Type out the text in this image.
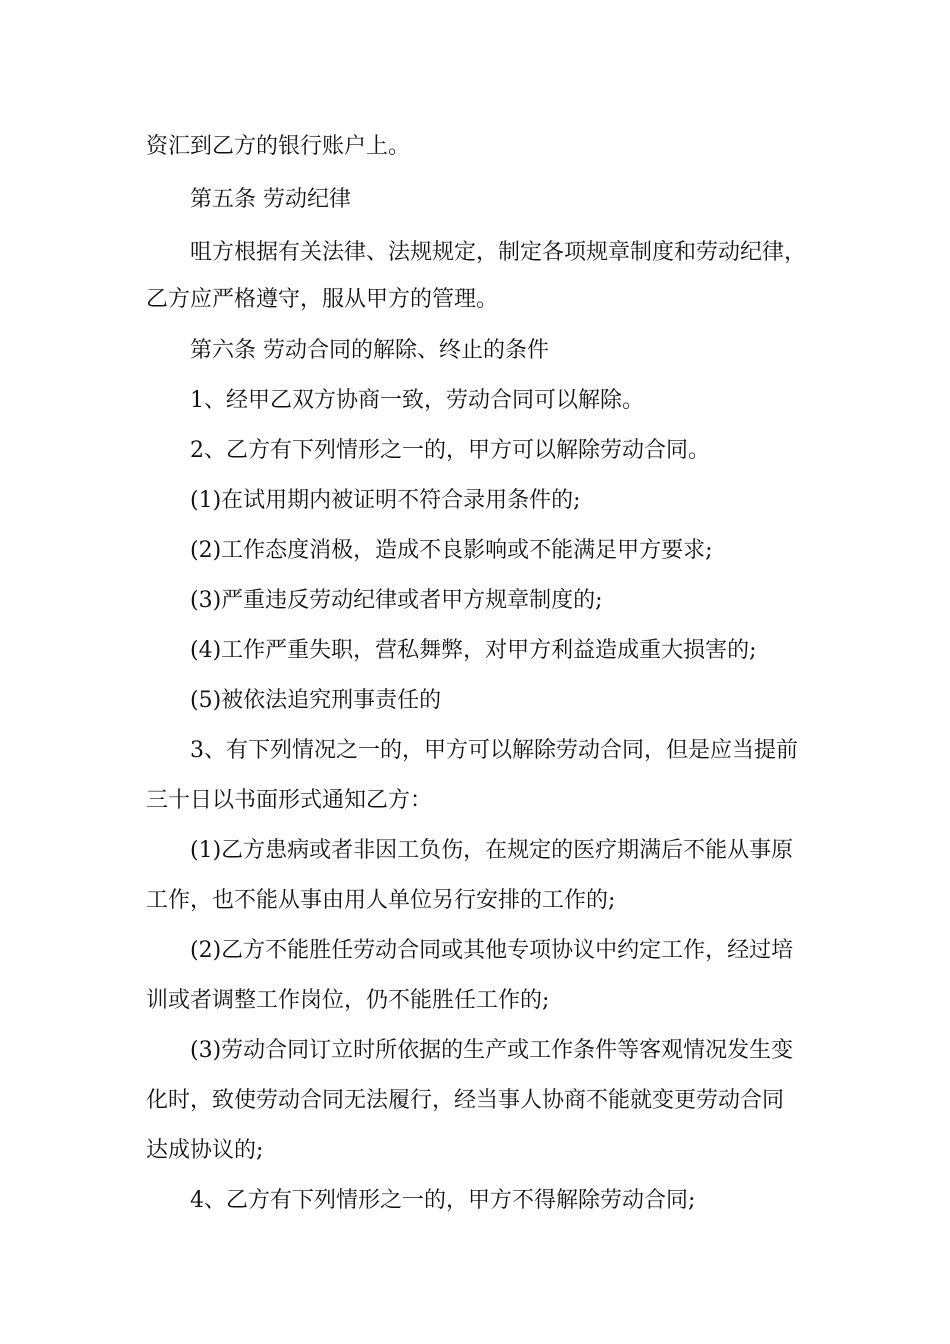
资汇到乙方的银行账户上。
第五条 劳动纪律
咀方根据有关法律、法规规定，制定各项规章制度和劳动纪律，
乙方应严格遵守，服从甲方的管理。
第六条 劳动合同的解除、终止的条件
1、经甲乙双方协商一致，劳动合同可以解除。
2、乙方有下列情形之一的，甲方可以解除劳动合同。
(1)在试用期内被证明不符合录用条件的;
(2)工作态度消极，造成不良影响或不能满足甲方要求;
(3)严重违反劳动纪律或者甲方规章制度的;
(4)工作严重失职，营私舞弊，对甲方利益造成重大损害的;
(5)被依法追究刑事责任的
3、有下列情况之一的，甲方可以解除劳动合同，但是应当提前
三十日以书面形式通知乙方：
(1)乙方患病或者非因工负伤，在规定的医疗期满后不能从事原
工作，也不能从事由用人单位另行安排的工作的;
(2)乙方不能胜任劳动合同或其他专项协议中约定工作，经过培
训或者调整工作岗位，仍不能胜任工作的;
(3)劳动合同订立时所依据的生产或工作条件等客观情况发生变
化时，致使劳动合同无法履行，经当事人协商不能就变更劳动合同
达成协议的;
4、乙方有下列情形之一的，甲方不得解除劳动合同;
